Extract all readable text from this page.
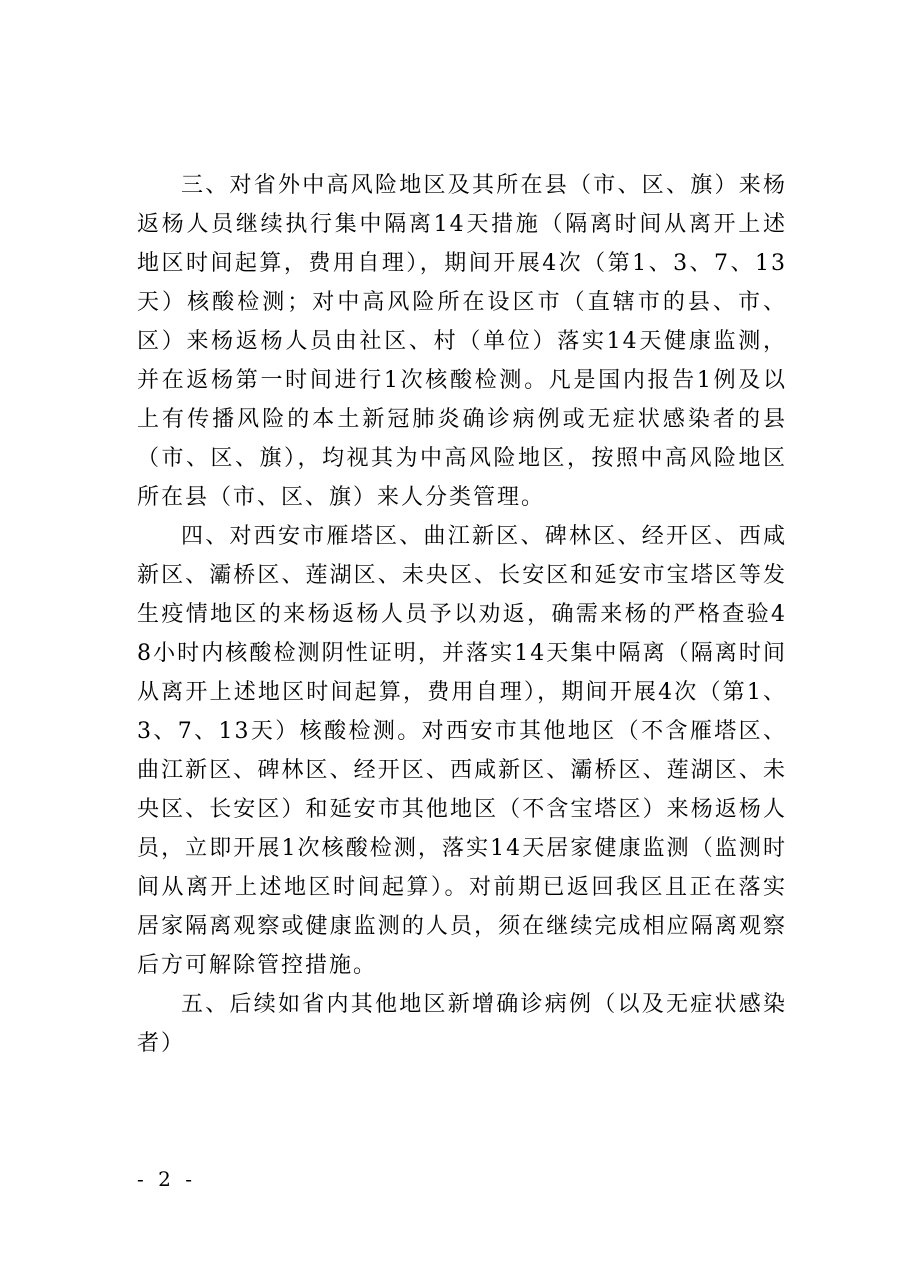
三、对省外中高风险地区及其所在县（市、区、旗）来杨返杨人员继续执行集中隔离14天措施（隔离时间从离开上述地区时间起算，费用自理），期间开展4次（第1、3、7、13天）核酸检测；对中高风险所在设区市（直辖市的县、市、区）来杨返杨人员由社区、村（单位）落实14天健康监测，并在返杨第一时间进行1次核酸检测。凡是国内报告1例及以上有传播风险的本土新冠肺炎确诊病例或无症状感染者的县（市、区、旗），均视其为中高风险地区，按照中高风险地区所在县（市、区、旗）来人分类管理。

四、对西安市雁塔区、曲江新区、碑林区、经开区、西咸新区、灞桥区、莲湖区、未央区、长安区和延安市宝塔区等发生疫情地区的来杨返杨人员予以劝返，确需来杨的严格查验48小时内核酸检测阴性证明，并落实14天集中隔离（隔离时间从离开上述地区时间起算，费用自理），期间开展4次（第1、3、7、13天）核酸检测。对西安市其他地区（不含雁塔区、曲江新区、碑林区、经开区、西咸新区、灞桥区、莲湖区、未央区、长安区）和延安市其他地区（不含宝塔区）来杨返杨人员，立即开展1次核酸检测，落实14天居家健康监测（监测时间从离开上述地区时间起算）。对前期已返回我区且正在落实居家隔离观察或健康监测的人员，须在继续完成相应隔离观察后方可解除管控措施。

五、后续如省内其他地区新增确诊病例（以及无症状感染者）

- 2 -
